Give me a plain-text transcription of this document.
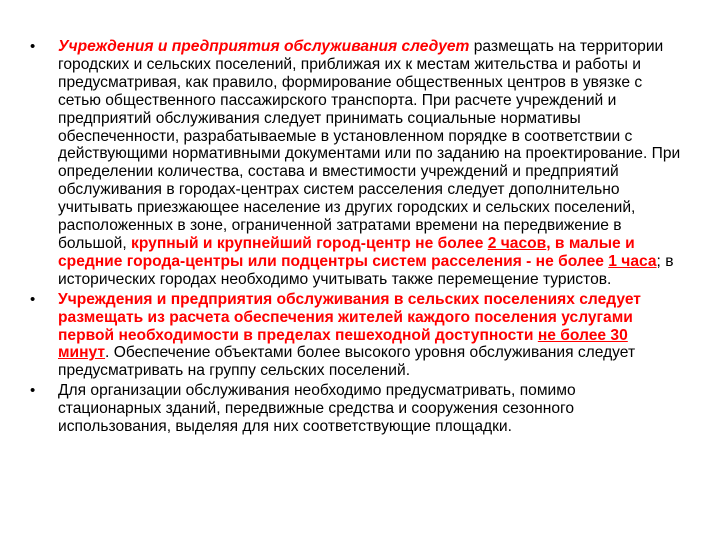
• Учреждения и предприятия обслуживания следует размещать на территории городских и сельских поселений, приближая их к местам жительства и работы и предусматривая, как правило, формирование общественных центров в увязке с сетью общественного пассажирского транспорта. При расчете учреждений и предприятий обслуживания следует принимать социальные нормативы обеспеченности, разрабатываемые в установленном порядке в соответствии с действующими нормативными документами или по заданию на проектирование. При определении количества, состава и вместимости учреждений и предприятий обслуживания в городах-центрах систем расселения следует дополнительно учитывать приезжающее население из других городских и сельских поселений, расположенных в зоне, ограниченной затратами времени на передвижение в большой, крупный и крупнейший город-центр не более 2 часов, в малые и средние города-центры или подцентры систем расселения - не более 1 часа; в исторических городах необходимо учитывать также перемещение туристов.
• Учреждения и предприятия обслуживания в сельских поселениях следует размещать из расчета обеспечения жителей каждого поселения услугами первой необходимости в пределах пешеходной доступности не более 30 минут. Обеспечение объектами более высокого уровня обслуживания следует предусматривать на группу сельских поселений.
• Для организации обслуживания необходимо предусматривать, помимо стационарных зданий, передвижные средства и сооружения сезонного использования, выделяя для них соответствующие площадки.
